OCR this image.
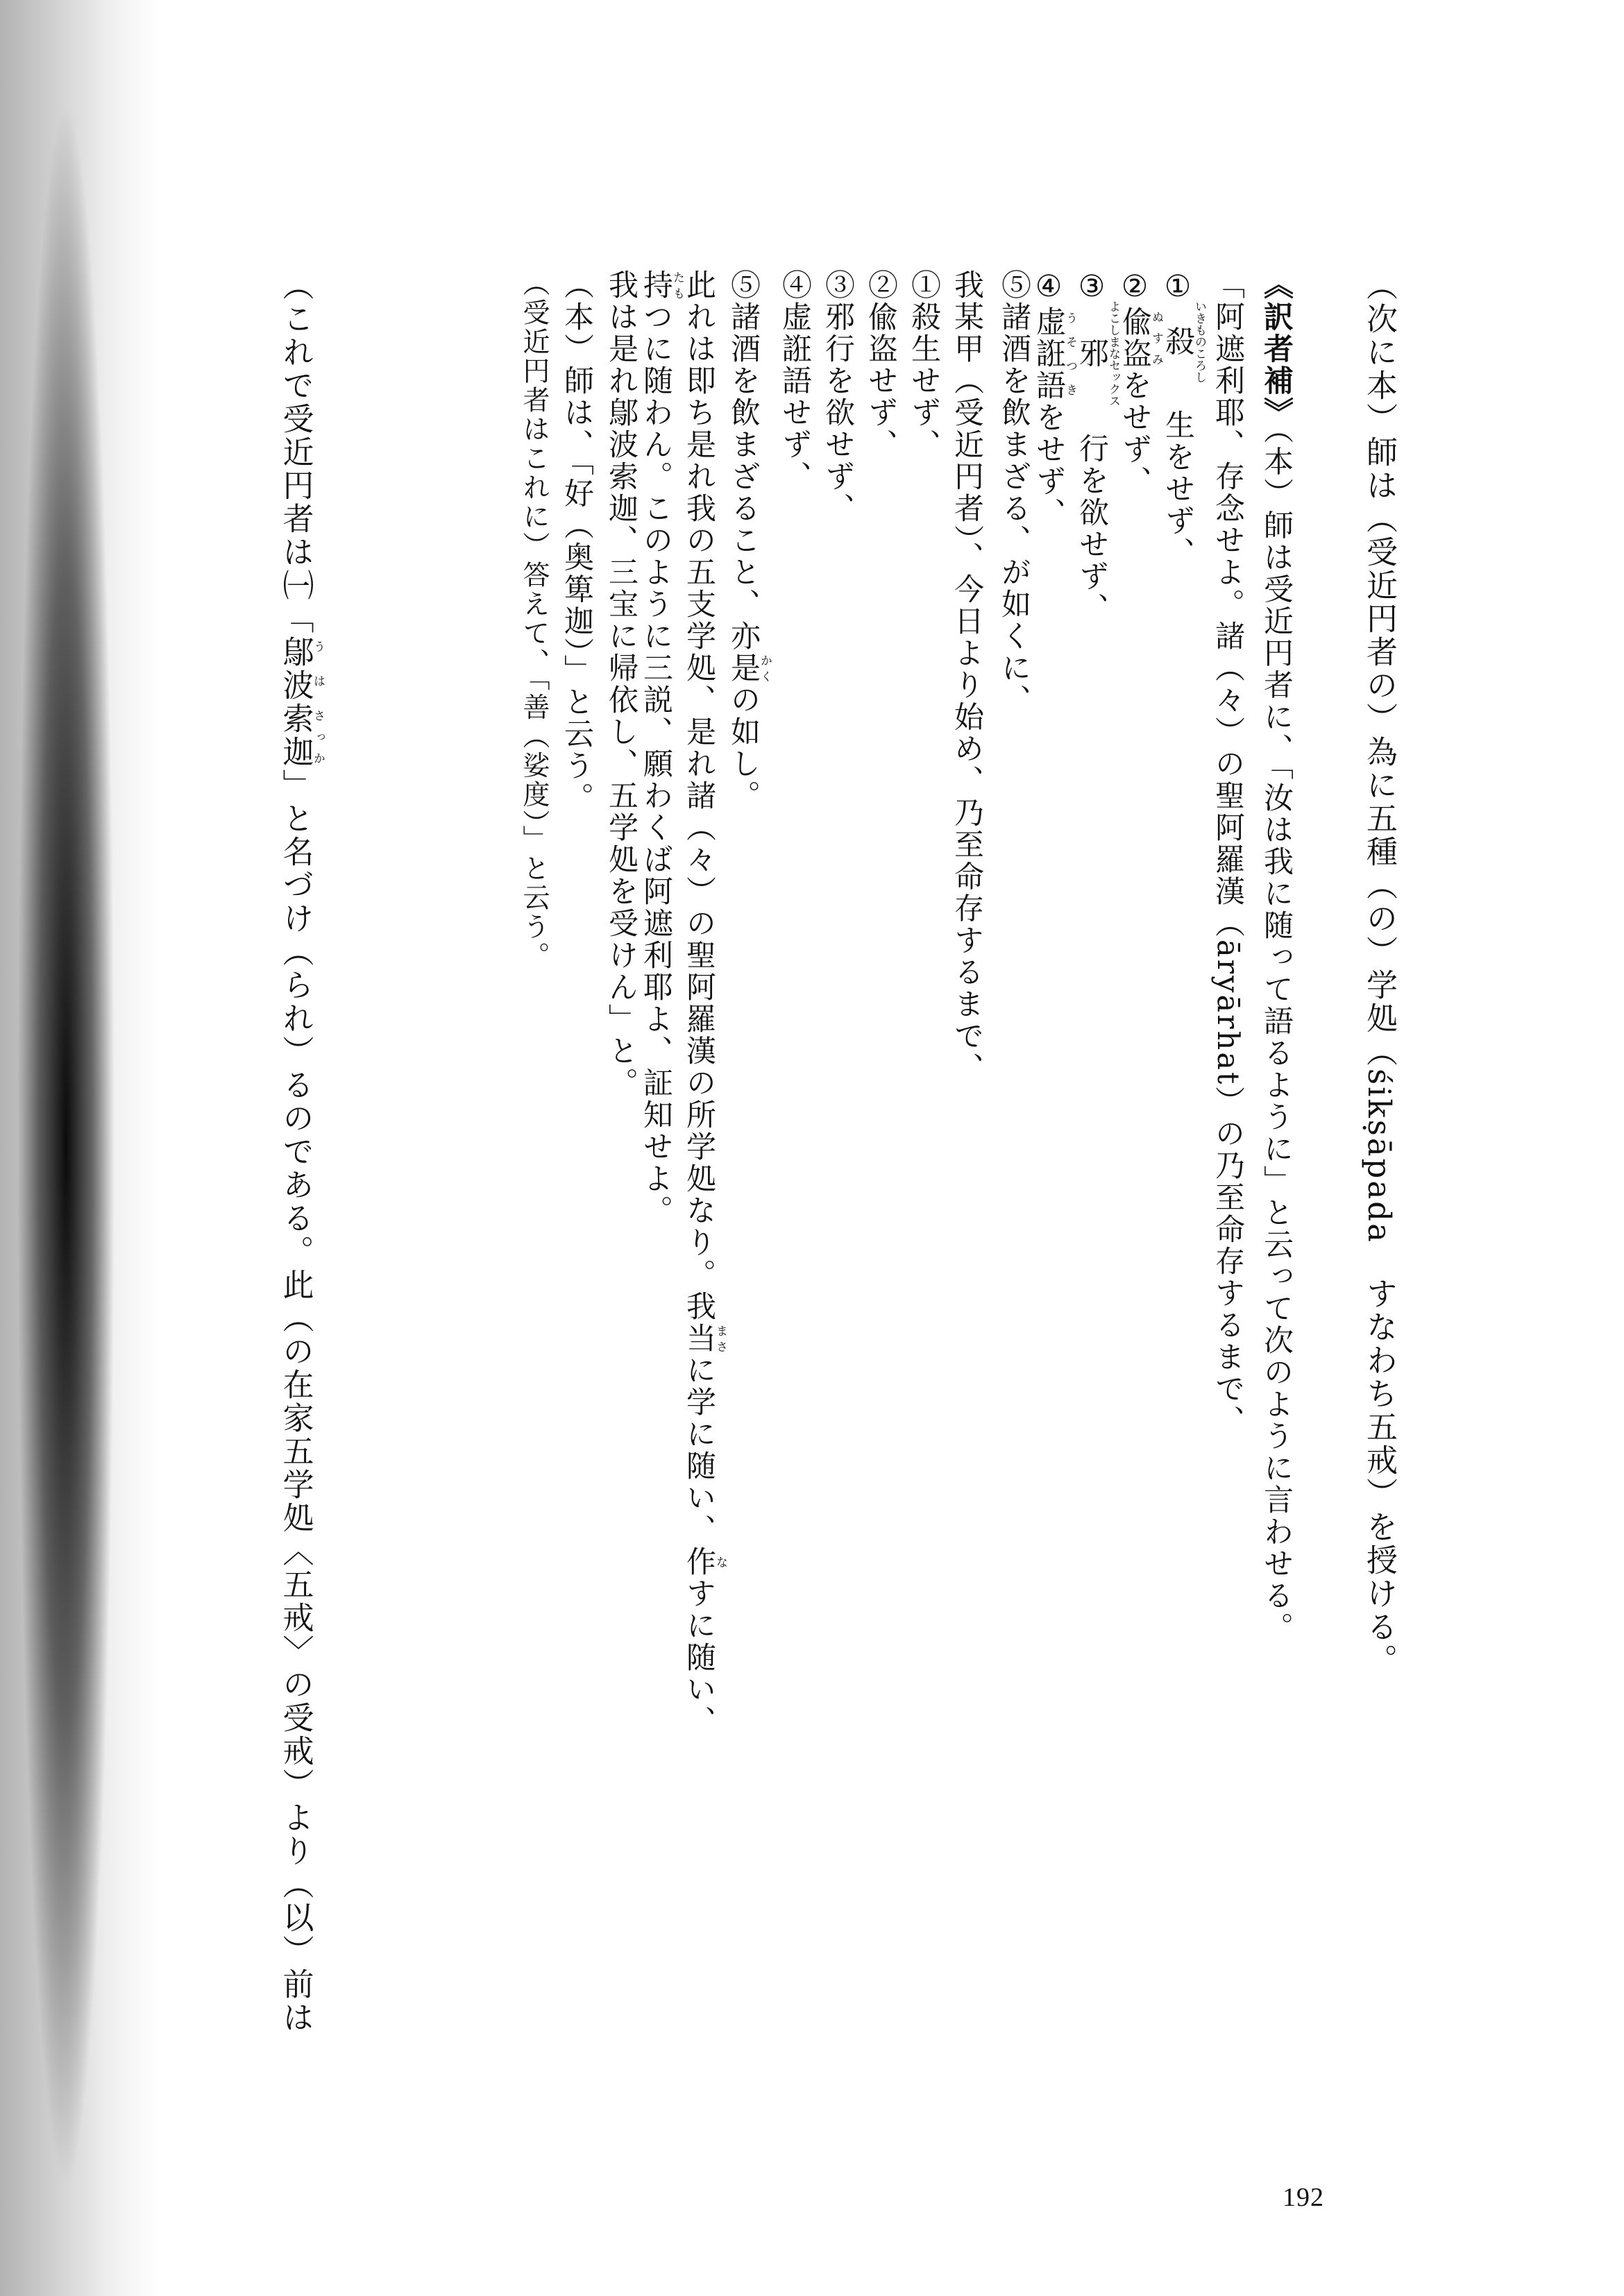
（次に本）師は（受近円者の）為に五種（の）学処（śikṣāpada　すなわち五戒）を授ける。
《訳者補》（本）師は受近円者に、「汝は我に随って語るように」と云って次のように言わせる。
「阿遮利耶、存念せよ。諸（々）の聖阿羅漢（āryārhat）の乃至命存するまで、
①殺いきものころし　生をせず、
②偸盗ぬすみをせず、
③邪よこしまなセックス　行を欲せず、
④虚誑語うそつきをせず、
⑤諸酒を飲まざる、が如くに、
我某甲（受近円者）、今日より始め、乃至命存するまで、
①殺生せず、
②偸盗せず、
③邪行を欲せず、
④虚誑語せず、
⑤諸酒を飲まざること、亦是かくの如し。
此れは即ち是れ我の五支学処、是れ諸（々）の聖阿羅漢の所学処なり。我当まさに学に随い、作なすに随い、
持たもつに随わん。このように三説、願わくば阿遮利耶よ、証知せよ。
我は是れ鄔波索迦、三宝に帰依し、五学処を受けん」と。
（本）師は、「好（奥箄迦）」と云う。
（受近円者はこれに）答えて、「善（娑度）」と云う。
（これで受近円者は㈠「鄔波索迦う は さっか」と名づけ（られ）るのである。此（の在家五学処〈五戒〉の受戒）より（以）前は
192
